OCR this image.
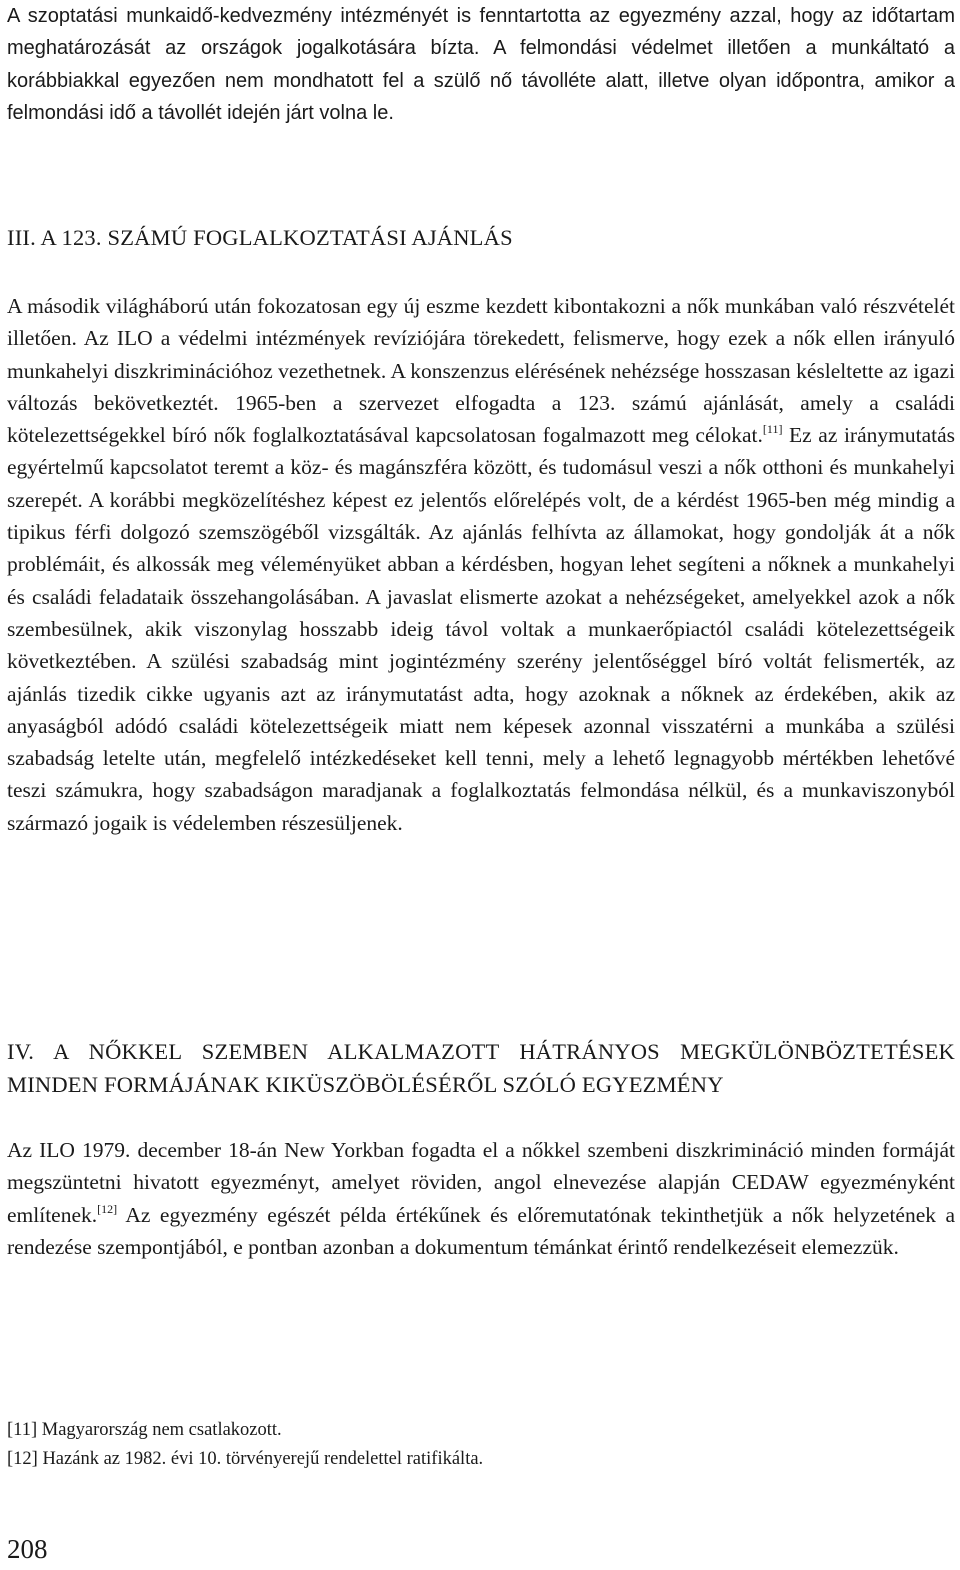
A szoptatási munkaidő-kedvezmény intézményét is fenntartotta az egyezmény azzal, hogy az időtartam meghatározását az országok jogalkotására bízta. A felmondási védelmet illetően a munkáltató a korábbiakkal egyezően nem mondhatott fel a szülő nő távolléte alatt, illetve olyan időpontra, amikor a felmondási idő a távollét idején járt volna le.

III. A 123. SZÁMÚ FOGLALKOZTATÁSI AJÁNLÁS

A második világháború után fokozatosan egy új eszme kezdett kibontakozni a nők munkában való részvételét illetően. Az ILO a védelmi intézmények revíziójára törekedett, felismerve, hogy ezek a nők ellen irányuló munkahelyi diszkriminációhoz vezethetnek. A konszenzus elérésének nehézsége hosszasan késleltette az igazi változás bekövetkeztét. 1965-ben a szervezet elfogadta a 123. számú ajánlását, amely a családi kötelezettségekkel bíró nők foglalkoztatásával kapcsolatosan fogalmazott meg célokat.[11] Ez az iránymutatás egyértelmű kapcsolatot teremt a köz- és magánszféra között, és tudomásul veszi a nők otthoni és munkahelyi szerepét. A korábbi megközelítéshez képest ez jelentős előrelépés volt, de a kérdést 1965-ben még mindig a tipikus férfi dolgozó szemszögéből vizsgálták. Az ajánlás felhívta az államokat, hogy gondolják át a nők problémáit, és alkossák meg véleményüket abban a kérdésben, hogyan lehet segíteni a nőknek a munkahelyi és családi feladataik összehangolásában. A javaslat elismerte azokat a nehézségeket, amelyekkel azok a nők szembesülnek, akik viszonylag hosszabb ideig távol voltak a munkaerőpiactól családi kötelezettségeik következtében. A szülési szabadság mint jogintézmény szerény jelentőséggel bíró voltát felismerték, az ajánlás tizedik cikke ugyanis azt az iránymutatást adta, hogy azoknak a nőknek az érdekében, akik az anyaságból adódó családi kötelezettségeik miatt nem képesek azonnal visszatérni a munkába a szülési szabadság letelte után, megfelelő intézkedéseket kell tenni, mely a lehető legnagyobb mértékben lehetővé teszi számukra, hogy szabadságon maradjanak a foglalkoztatás felmondása nélkül, és a munkaviszonyból származó jogaik is védelemben részesüljenek.

IV. A NŐKKEL SZEMBEN ALKALMAZOTT HÁTRÁNYOS MEGKÜLÖNBÖZTETÉSEK MINDEN FORMÁJÁNAK KIKÜSZÖBÖLÉSÉRŐL SZÓLÓ EGYEZMÉNY

Az ILO 1979. december 18-án New Yorkban fogadta el a nőkkel szembeni diszkrimináció minden formáját megszüntetni hivatott egyezményt, amelyet röviden, angol elnevezése alapján CEDAW egyezményként említenek.[12] Az egyezmény egészét példa értékűnek és előremutatónak tekinthetjük a nők helyzetének a rendezése szempontjából, e pontban azonban a dokumentum témánkat érintő rendelkezéseit elemezzük.

[11] Magyarország nem csatlakozott.
[12] Hazánk az 1982. évi 10. törvényerejű rendelettel ratifikálta.
208
